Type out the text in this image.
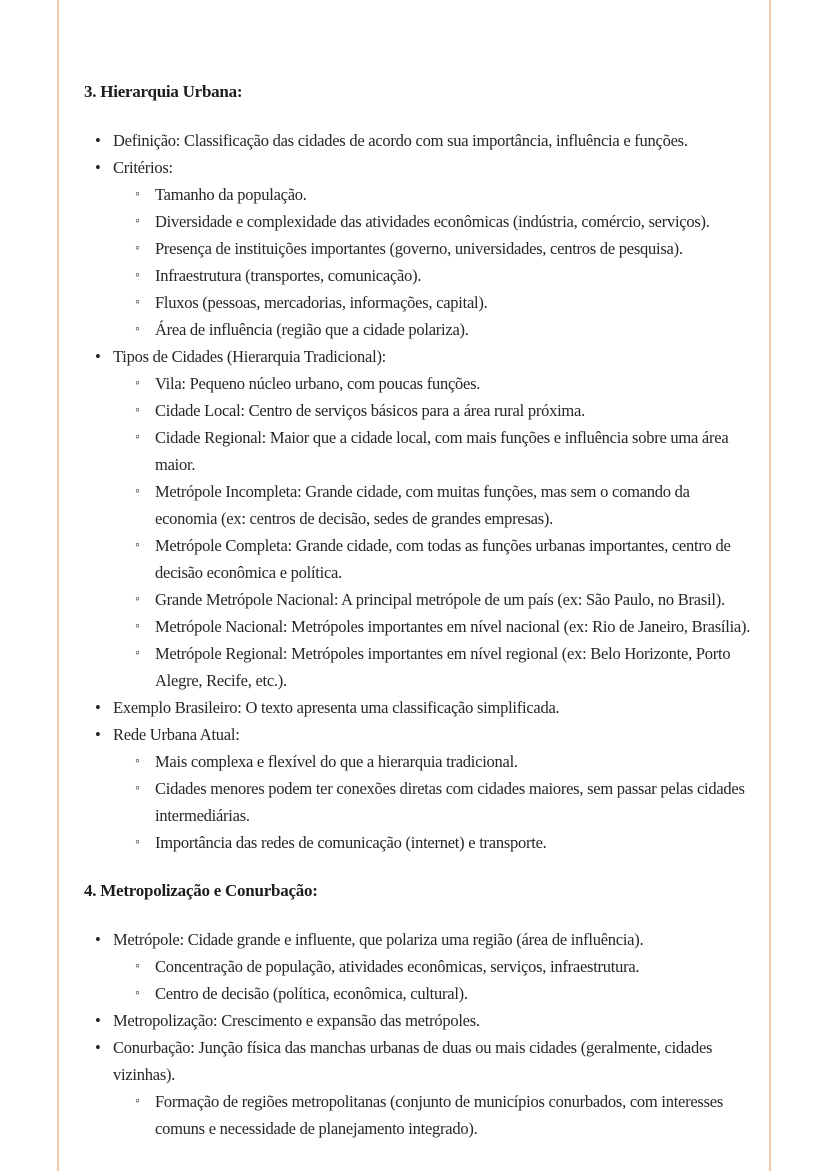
3. Hierarquia Urbana:
• Definição: Classificação das cidades de acordo com sua importância, influência e funções.
• Critérios:
◦ Tamanho da população.
◦ Diversidade e complexidade das atividades econômicas (indústria, comércio, serviços).
◦ Presença de instituições importantes (governo, universidades, centros de pesquisa).
◦ Infraestrutura (transportes, comunicação).
◦ Fluxos (pessoas, mercadorias, informações, capital).
◦ Área de influência (região que a cidade polariza).
• Tipos de Cidades (Hierarquia Tradicional):
◦ Vila: Pequeno núcleo urbano, com poucas funções.
◦ Cidade Local: Centro de serviços básicos para a área rural próxima.
◦ Cidade Regional: Maior que a cidade local, com mais funções e influência sobre uma área maior.
◦ Metrópole Incompleta: Grande cidade, com muitas funções, mas sem o comando da economia (ex: centros de decisão, sedes de grandes empresas).
◦ Metrópole Completa: Grande cidade, com todas as funções urbanas importantes, centro de decisão econômica e política.
◦ Grande Metrópole Nacional: A principal metrópole de um país (ex: São Paulo, no Brasil).
◦ Metrópole Nacional: Metrópoles importantes em nível nacional (ex: Rio de Janeiro, Brasília).
◦ Metrópole Regional: Metrópoles importantes em nível regional (ex: Belo Horizonte, Porto Alegre, Recife, etc.).
• Exemplo Brasileiro: O texto apresenta uma classificação simplificada.
• Rede Urbana Atual:
◦ Mais complexa e flexível do que a hierarquia tradicional.
◦ Cidades menores podem ter conexões diretas com cidades maiores, sem passar pelas cidades intermediárias.
◦ Importância das redes de comunicação (internet) e transporte.
4. Metropolização e Conurbação:
• Metrópole: Cidade grande e influente, que polariza uma região (área de influência).
◦ Concentração de população, atividades econômicas, serviços, infraestrutura.
◦ Centro de decisão (política, econômica, cultural).
• Metropolização: Crescimento e expansão das metrópoles.
• Conurbação: Junção física das manchas urbanas de duas ou mais cidades (geralmente, cidades vizinhas).
◦ Formação de regiões metropolitanas (conjunto de municípios conurbados, com interesses comuns e necessidade de planejamento integrado).
